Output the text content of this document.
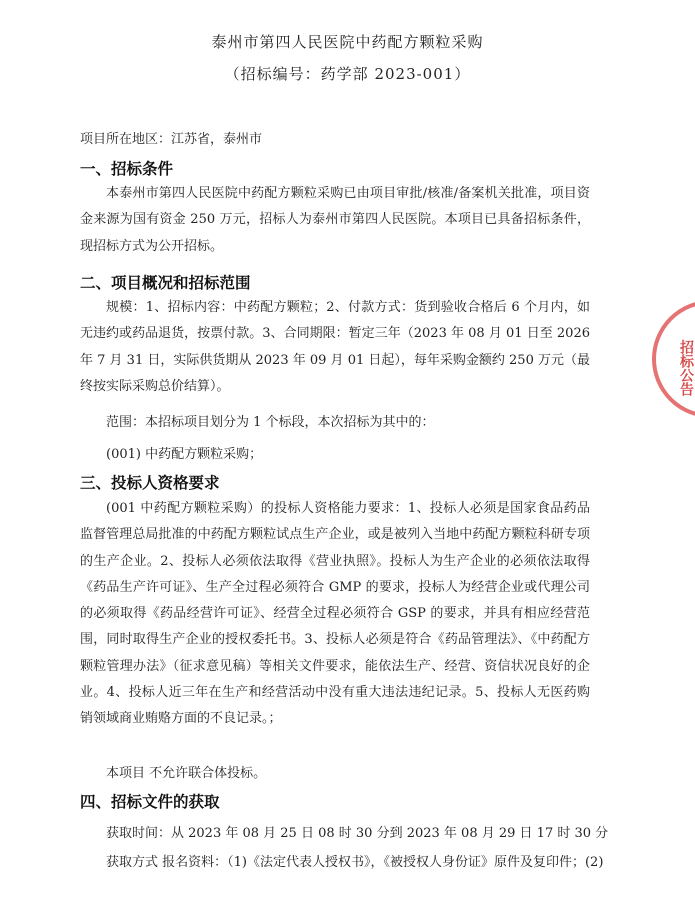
泰州市第四人民医院中药配方颗粒采购
（招标编号：药学部 2023-001）
项目所在地区：江苏省，泰州市
一、招标条件
本泰州市第四人民医院中药配方颗粒采购已由项目审批/核准/备案机关批准，项目资金来源为国有资金 250 万元，招标人为泰州市第四人民医院。本项目已具备招标条件，现招标方式为公开招标。
二、项目概况和招标范围
规模：1、招标内容：中药配方颗粒；2、付款方式：货到验收合格后 6 个月内，如无违约或药品退货，按票付款。3、合同期限：暂定三年（2023 年 08 月 01 日至 2026 年 7 月 31 日，实际供货期从 2023 年 09 月 01 日起），每年采购金额约 250 万元（最终按实际采购总价结算）。
范围：本招标项目划分为 1 个标段，本次招标为其中的：
(001) 中药配方颗粒采购；
三、投标人资格要求
(001 中药配方颗粒采购）的投标人资格能力要求：1、投标人必须是国家食品药品监督管理总局批准的中药配方颗粒试点生产企业，或是被列入当地中药配方颗粒科研专项的生产企业。2、投标人必须依法取得《营业执照》。投标人为生产企业的必须依法取得《药品生产许可证》、生产全过程必须符合 GMP 的要求，投标人为经营企业或代理公司的必须取得《药品经营许可证》、经营全过程必须符合 GSP 的要求，并具有相应经营范围，同时取得生产企业的授权委托书。3、投标人必须是符合《药品管理法》、《中药配方颗粒管理办法》（征求意见稿）等相关文件要求，能依法生产、经营、资信状况良好的企业。4、投标人近三年在生产和经营活动中没有重大违法违纪记录。5、投标人无医药购销领域商业贿赂方面的不良记录。；
本项目 不允许联合体投标。
四、招标文件的获取
获取时间：从 2023 年 08 月 25 日 08 时 30 分到 2023 年 08 月 29 日 17 时 30 分
获取方式 报名资料：（1)《法定代表人授权书》，《被授权人身份证》原件及复印件；(2)
招标公告
